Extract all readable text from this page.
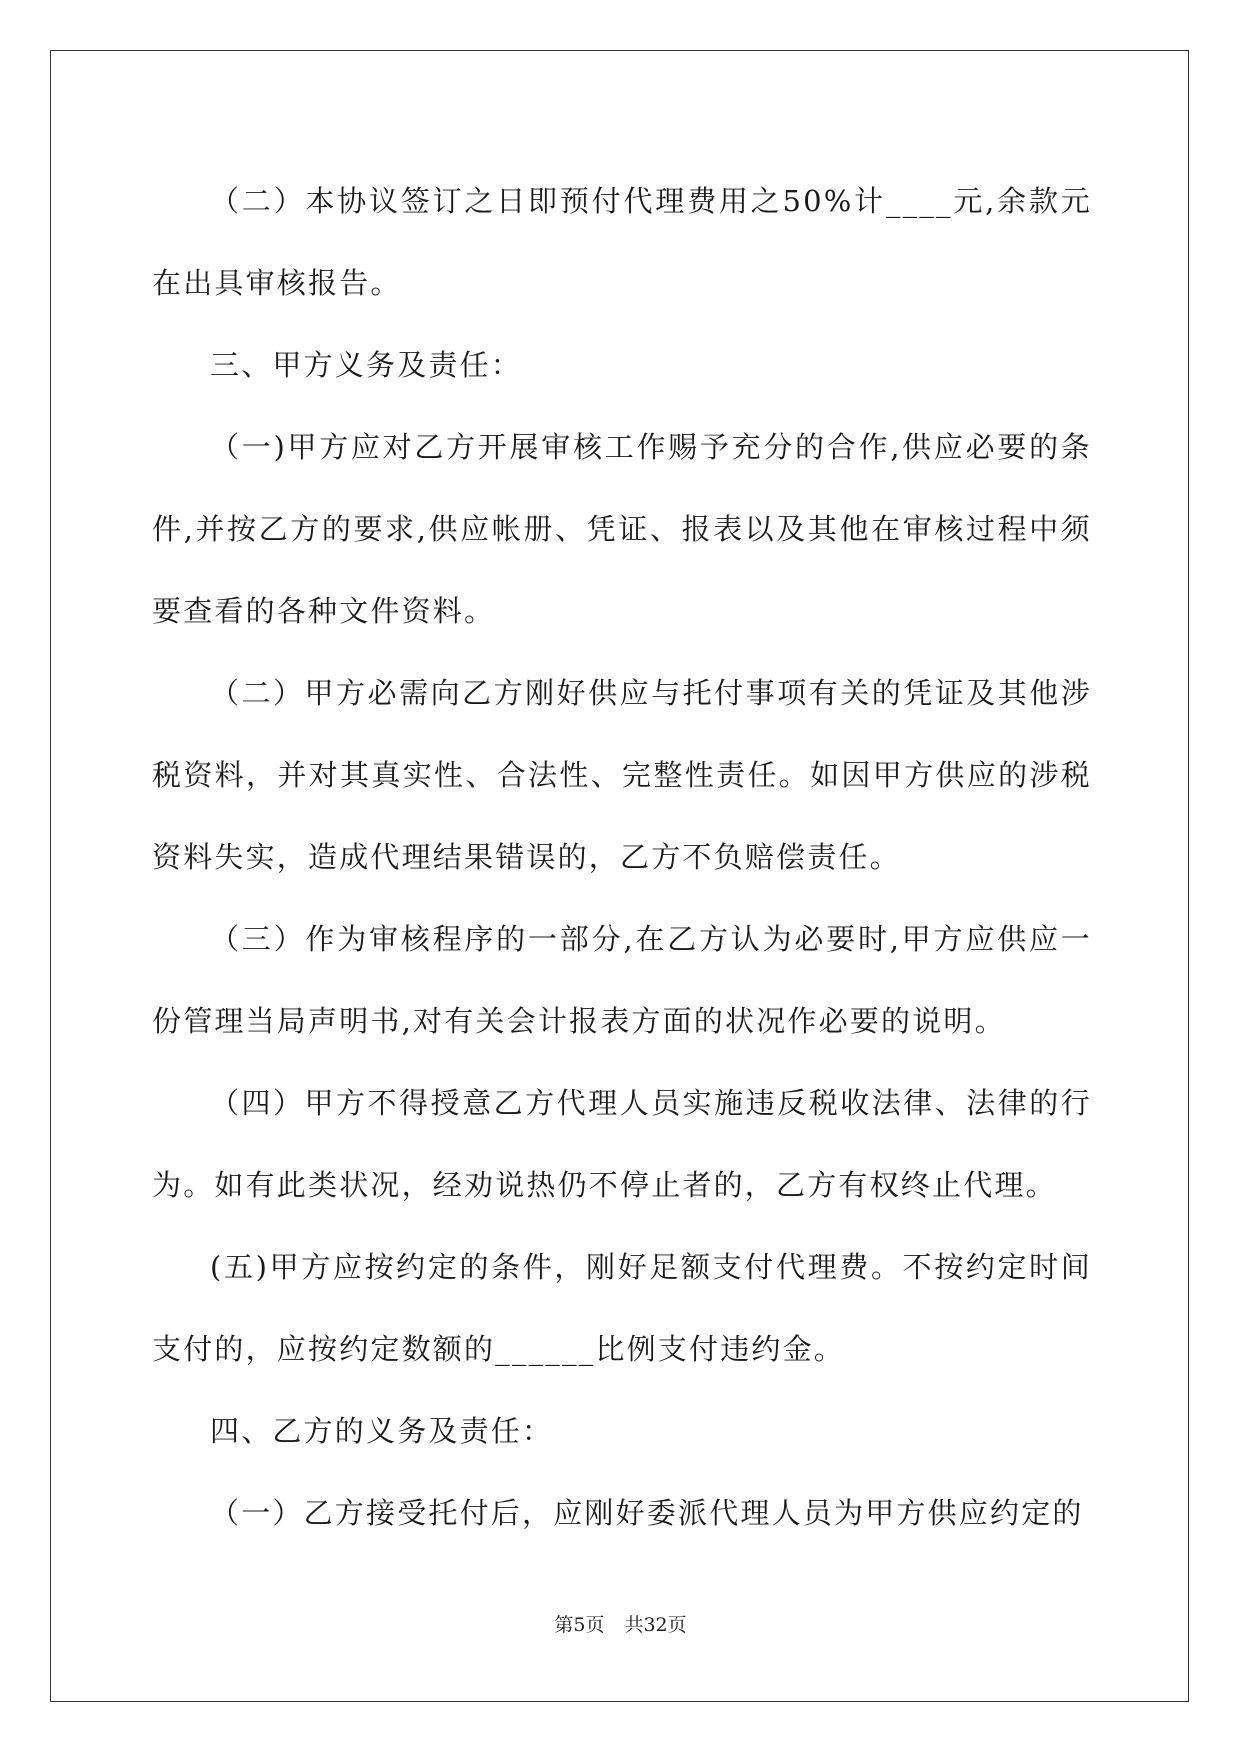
（二）本协议签订之日即预付代理费用之50%计____元,余款元在出具审核报告。

三、甲方义务及责任：

（一)甲方应对乙方开展审核工作赐予充分的合作,供应必要的条件,并按乙方的要求,供应帐册、凭证、报表以及其他在审核过程中须要查看的各种文件资料。

（二）甲方必需向乙方刚好供应与托付事项有关的凭证及其他涉税资料，并对其真实性、合法性、完整性责任。如因甲方供应的涉税资料失实，造成代理结果错误的，乙方不负赔偿责任。

（三）作为审核程序的一部分,在乙方认为必要时,甲方应供应一份管理当局声明书,对有关会计报表方面的状况作必要的说明。

（四）甲方不得授意乙方代理人员实施违反税收法律、法律的行为。如有此类状况，经劝说热仍不停止者的，乙方有权终止代理。

(五)甲方应按约定的条件，刚好足额支付代理费。不按约定时间支付的，应按约定数额的______比例支付违约金。

四、乙方的义务及责任：

（一）乙方接受托付后，应刚好委派代理人员为甲方供应约定的

第5页 共32页
